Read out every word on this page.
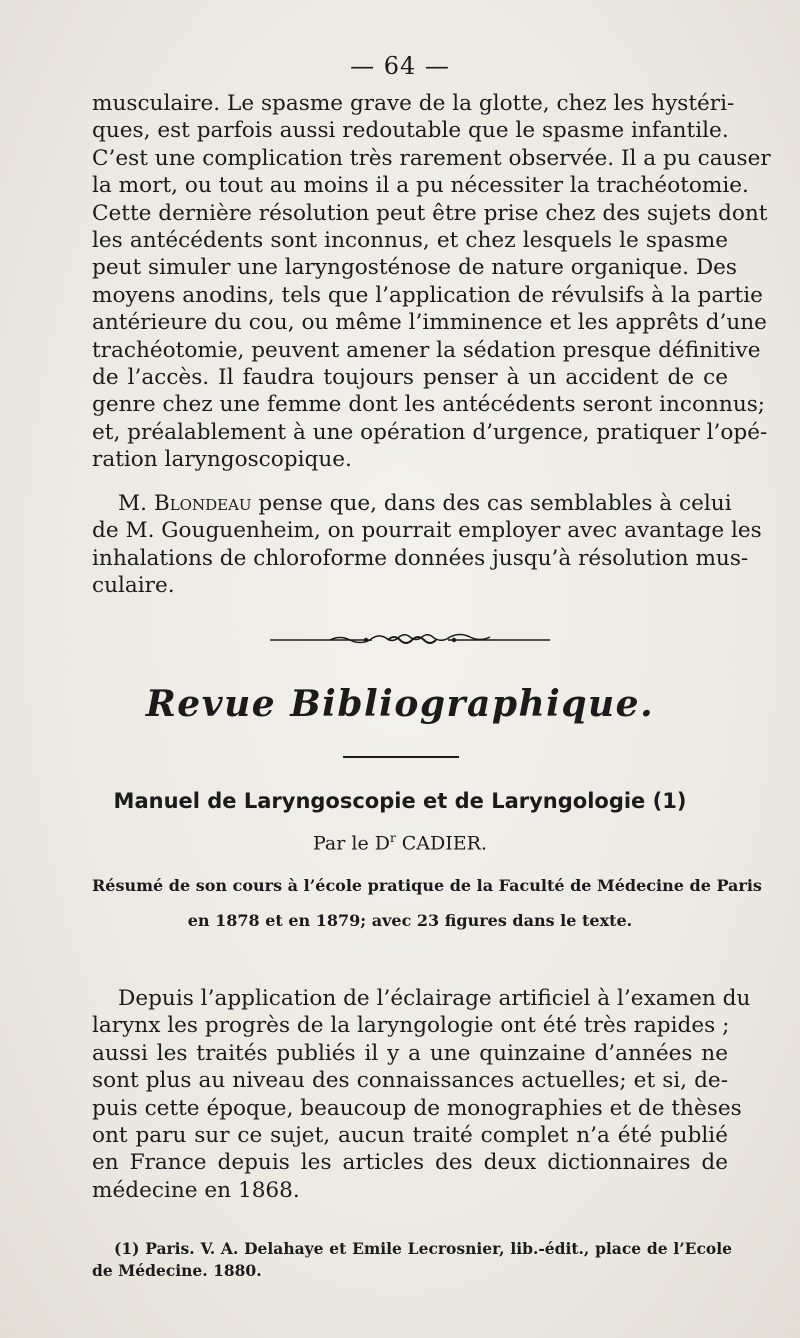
— 64 —

musculaire. Le spasme grave de la glotte, chez les hystéri-
ques, est parfois aussi redoutable que le spasme infantile.
C’est une complication très rarement observée. Il a pu causer
la mort, ou tout au moins il a pu nécessiter la trachéotomie.
Cette dernière résolution peut être prise chez des sujets dont
les antécédents sont inconnus, et chez lesquels le spasme
peut simuler une laryngosténose de nature organique. Des
moyens anodins, tels que l’application de révulsifs à la partie
antérieure du cou, ou même l’imminence et les apprêts d’une
trachéotomie, peuvent amener la sédation presque définitive
de l’accès. Il faudra toujours penser à un accident de ce
genre chez une femme dont les antécédents seront inconnus;
et, préalablement à une opération d’urgence, pratiquer l’opé-
ration laryngoscopique.

M. Blondeau pense que, dans des cas semblables à celui
de M. Gouguenheim, on pourrait employer avec avantage les
inhalations de chloroforme données jusqu’à résolution mus-
culaire.

Revue Bibliographique.
Manuel de Laryngoscopie et de Laryngologie (1)
Par le $D^r$ CADIER.
Résumé de son cours à l’école pratique de la Faculté de Médecine de Paris
en 1878 et en 1879; avec 23 figures dans le texte.

Depuis l’application de l’éclairage artificiel à l’examen du
larynx les progrès de la laryngologie ont été très rapides ;
aussi les traités publiés il y a une quinzaine d’années ne
sont plus au niveau des connaissances actuelles; et si, de-
puis cette époque, beaucoup de monographies et de thèses
ont paru sur ce sujet, aucun traité complet n’a été publié
en France depuis les articles des deux dictionnaires de
médecine en 1868.

(1) Paris. V. A. Delahaye et Emile Lecrosnier, lib.-édit., place de l’Ecole
de Médecine. 1880.
